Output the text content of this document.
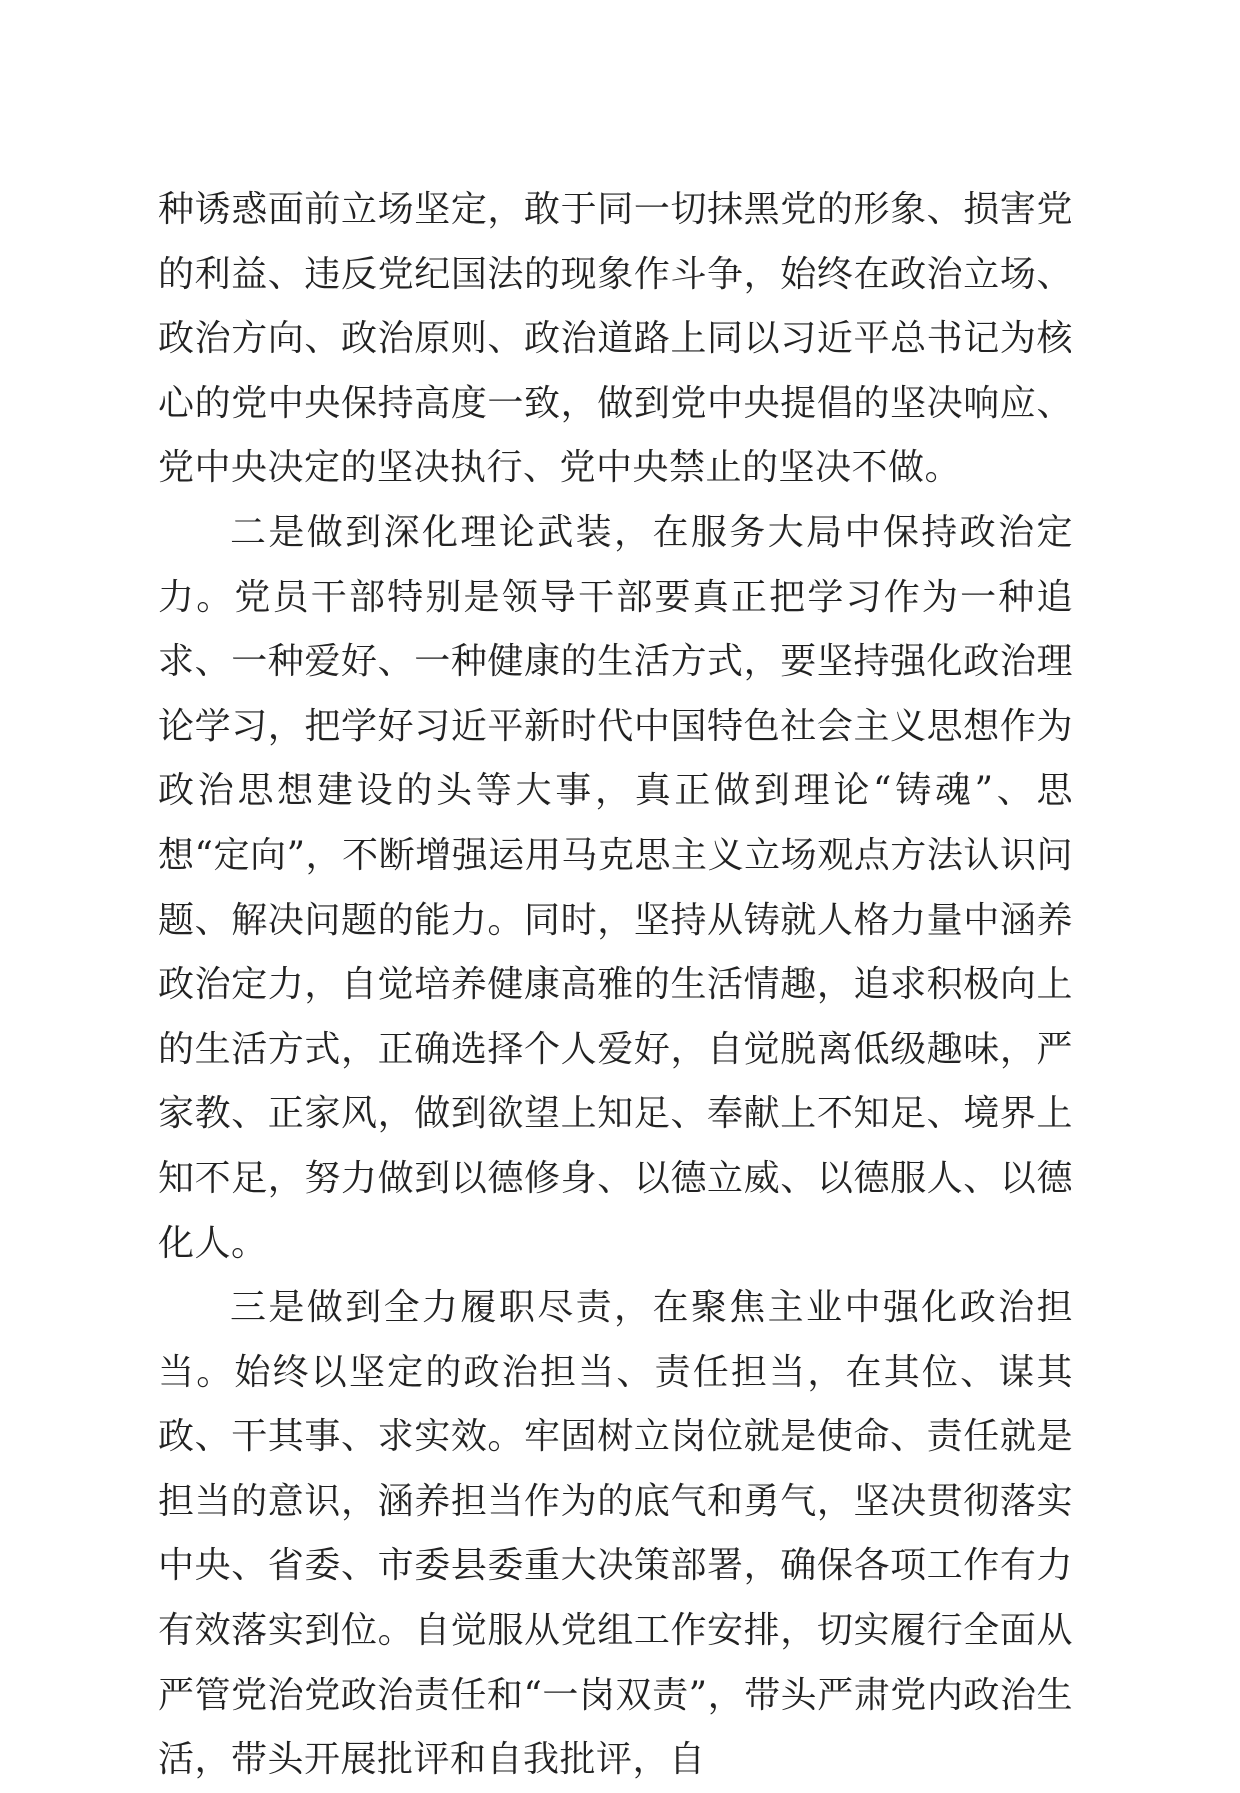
种诱惑面前立场坚定，敢于同一切抹黑党的形象、损害党的利益、违反党纪国法的现象作斗争，始终在政治立场、政治方向、政治原则、政治道路上同以习近平总书记为核心的党中央保持高度一致，做到党中央提倡的坚决响应、党中央决定的坚决执行、党中央禁止的坚决不做。

二是做到深化理论武装，在服务大局中保持政治定力。党员干部特别是领导干部要真正把学习作为一种追求、一种爱好、一种健康的生活方式，要坚持强化政治理论学习，把学好习近平新时代中国特色社会主义思想作为政治思想建设的头等大事，真正做到理论“铸魂”、思想“定向”，不断增强运用马克思主义立场观点方法认识问题、解决问题的能力。同时，坚持从铸就人格力量中涵养政治定力，自觉培养健康高雅的生活情趣，追求积极向上的生活方式，正确选择个人爱好，自觉脱离低级趣味，严家教、正家风，做到欲望上知足、奉献上不知足、境界上知不足，努力做到以德修身、以德立威、以德服人、以德化人。

三是做到全力履职尽责，在聚焦主业中强化政治担当。始终以坚定的政治担当、责任担当，在其位、谋其政、干其事、求实效。牢固树立岗位就是使命、责任就是担当的意识，涵养担当作为的底气和勇气，坚决贯彻落实中央、省委、市委县委重大决策部署，确保各项工作有力有效落实到位。自觉服从党组工作安排，切实履行全面从严管党治党政治责任和“一岗双责”，带头严肃党内政治生活，带头开展批评和自我批评，自
